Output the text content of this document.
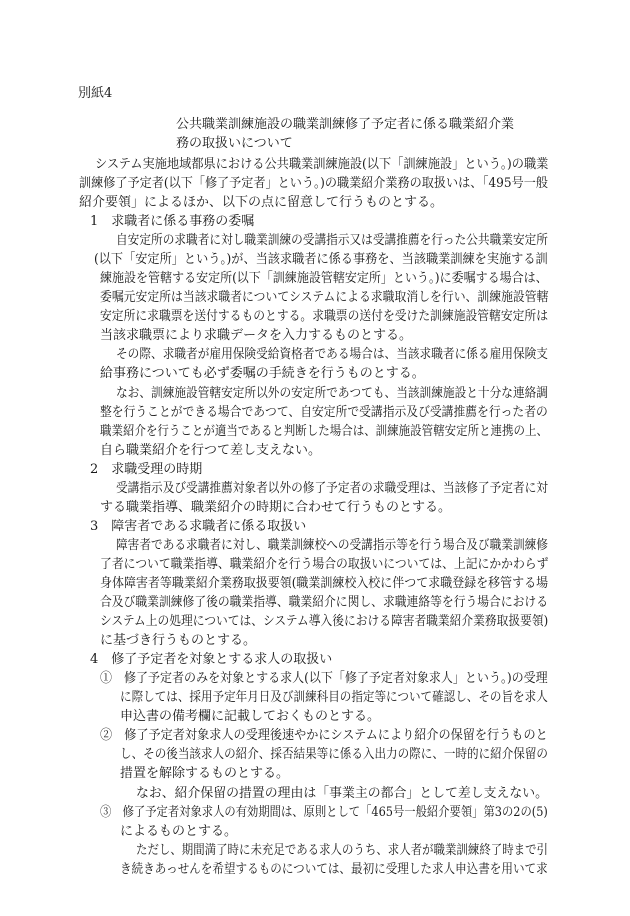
別紙4
公共職業訓練施設の職業訓練修了予定者に係る職業紹介業
務の取扱いについて
システム実施地域都県における公共職業訓練施設(以下「訓練施設」という。)の職業
訓練修了予定者(以下「修了予定者」という。)の職業紹介業務の取扱いは、「495号一般
紹介要領」によるほか、以下の点に留意して行うものとする。
1　求職者に係る事務の委嘱
自安定所の求職者に対し職業訓練の受講指示又は受講推薦を行った公共職業安定所
(以下「安定所」という。)が、当該求職者に係る事務を、当該職業訓練を実施する訓
練施設を管轄する安定所(以下「訓練施設管轄安定所」という。)に委嘱する場合は、
委嘱元安定所は当該求職者についてシステムによる求職取消しを行い、訓練施設管轄
安定所に求職票を送付するものとする。求職票の送付を受けた訓練施設管轄安定所は
当該求職票により求職データを入力するものとする。
その際、求職者が雇用保険受給資格者である場合は、当該求職者に係る雇用保険支
給事務についても必ず委嘱の手続きを行うものとする。
なお、訓練施設管轄安定所以外の安定所であつても、当該訓練施設と十分な連絡調
整を行うことができる場合であつて、自安定所で受講指示及び受講推薦を行った者の
職業紹介を行うことが適当であると判断した場合は、訓練施設管轄安定所と連携の上、
自ら職業紹介を行つて差し支えない。
2　求職受理の時期
受講指示及び受講推薦対象者以外の修了予定者の求職受理は、当該修了予定者に対
する職業指導、職業紹介の時期に合わせて行うものとする。
3　障害者である求職者に係る取扱い
障害者である求職者に対し、職業訓練校への受講指示等を行う場合及び職業訓練修
了者について職業指導、職業紹介を行う場合の取扱いについては、上記にかかわらず
身体障害者等職業紹介業務取扱要領(職業訓練校入校に伴つて求職登録を移管する場
合及び職業訓練修了後の職業指導、職業紹介に関し、求職連絡等を行う場合における
システム上の処理については、システム導入後における障害者職業紹介業務取扱要領)
に基づき行うものとする。
4　修了予定者を対象とする求人の取扱い
①　修了予定者のみを対象とする求人(以下「修了予定者対象求人」という。)の受理
に際しては、採用予定年月日及び訓練科目の指定等について確認し、その旨を求人
申込書の備考欄に記載しておくものとする。
②　修了予定者対象求人の受理後速やかにシステムにより紹介の保留を行うものと
し、その後当該求人の紹介、採否結果等に係る入出力の際に、一時的に紹介保留の
措置を解除するものとする。
なお、紹介保留の措置の理由は「事業主の都合」として差し支えない。
③　修了予定者対象求人の有効期間は、原則として「465号一般紹介要領」第3の2の(5)
によるものとする。
ただし、期間満了時に未充足である求人のうち、求人者が職業訓練終了時まで引
き続きあっせんを希望するものについては、最初に受理した求人申込書を用いて求
